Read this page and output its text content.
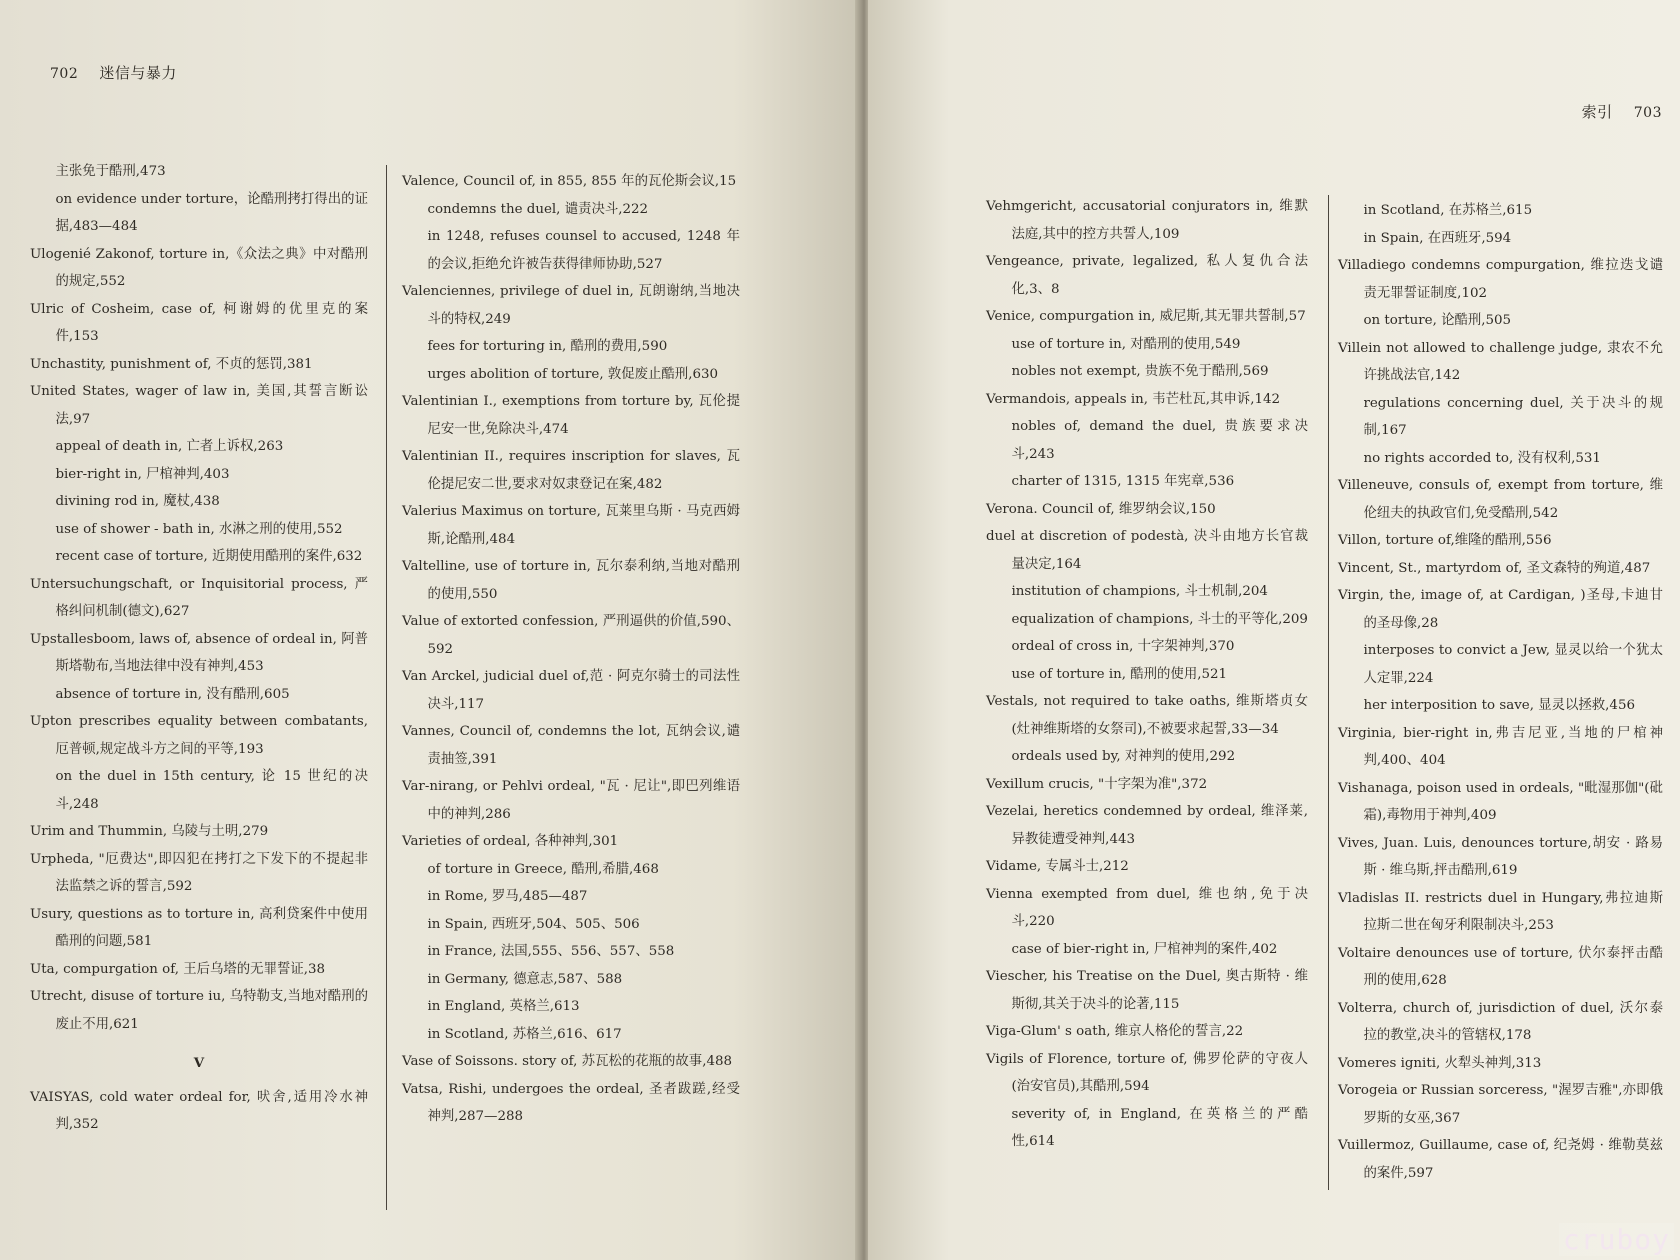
702 迷信与暴力

主张免于酷刑,473

on evidence under torture，论酷刑拷打得出的证据,483—484

Ulogenié Zakonof, torture in,《众法之典》中对酷刑的规定,552

Ulric of Cosheim, case of, 柯谢姆的优里克的案件,153

Unchastity, punishment of, 不贞的惩罚,381

United States, wager of law in, 美国,其誓言断讼法,97

appeal of death in, 亡者上诉权,263

bier-right in, 尸棺神判,403

divining rod in, 魔杖,438

use of shower - bath in, 水淋之刑的使用,552

recent case of torture, 近期使用酷刑的案件,632

Untersuchungschaft, or Inquisitorial process, 严格纠问机制(德文),627

Upstallesboom, laws of, absence of ordeal in, 阿普斯塔勒布,当地法律中没有神判,453

absence of torture in, 没有酷刑,605

Upton prescribes equality between combatants, 厄普顿,规定战斗方之间的平等,193

on the duel in 15th century, 论 15 世纪的决斗,248

Urim and Thummin, 乌陵与土明,279

Urpheda, "厄费达",即囚犯在拷打之下发下的不提起非法监禁之诉的誓言,592

Usury, questions as to torture in, 高利贷案件中使用酷刑的问题,581

Uta, compurgation of, 王后乌塔的无罪誓证,38

Utrecht, disuse of torture iu, 乌特勒支,当地对酷刑的废止不用,621

V

VAISYAS, cold water ordeal for, 吠舍,适用冷水神判,352

Valence, Council of, in 855, 855 年的瓦伦斯会议,15

condemns the duel, 谴责决斗,222

in 1248, refuses counsel to accused, 1248 年的会议,拒绝允许被告获得律师协助,527

Valenciennes, privilege of duel in, 瓦朗谢纳,当地决斗的特权,249

fees for torturing in, 酷刑的费用,590

urges abolition of torture, 敦促废止酷刑,630

Valentinian I., exemptions from torture by, 瓦伦提尼安一世,免除决斗,474

Valentinian II., requires inscription for slaves, 瓦伦提尼安二世,要求对奴隶登记在案,482

Valerius Maximus on torture, 瓦莱里乌斯 · 马克西姆斯,论酷刑,484

Valtelline, use of torture in, 瓦尔泰利纳,当地对酷刑的使用,550

Value of extorted confession, 严刑逼供的价值,590、592

Van Arckel, judicial duel of,范 · 阿克尔骑士的司法性决斗,117

Vannes, Council of, condemns the lot, 瓦纳会议,谴责抽签,391

Var-nirang, or Pehlvi ordeal, "瓦 · 尼让",即巴列维语中的神判,286

Varieties of ordeal, 各种神判,301

of torture in Greece, 酷刑,希腊,468

in Rome, 罗马,485—487

in Spain, 西班牙,504、505、506

in France, 法国,555、556、557、558

in Germany, 德意志,587、588

in England, 英格兰,613

in Scotland, 苏格兰,616、617

Vase of Soissons. story of, 苏瓦松的花瓶的故事,488

Vatsa, Rishi, undergoes the ordeal, 圣者跋蹉,经受神判,287—288

索引 703

Vehmgericht, accusatorial conjurators in, 维默法庭,其中的控方共誓人,109

Vengeance, private, legalized, 私人复仇合法化,3、8

Venice, compurgation in, 威尼斯,其无罪共誓制,57

use of torture in, 对酷刑的使用,549

nobles not exempt, 贵族不免于酷刑,569

Vermandois, appeals in, 韦芒杜瓦,其申诉,142

nobles of, demand the duel, 贵族要求决斗,243

charter of 1315, 1315 年宪章,536

Verona. Council of, 维罗纳会议,150

duel at discretion of podestà, 决斗由地方长官裁量决定,164

institution of champions, 斗士机制,204

equalization of champions, 斗士的平等化,209

ordeal of cross in, 十字架神判,370

use of torture in, 酷刑的使用,521

Vestals, not required to take oaths, 维斯塔贞女(灶神维斯塔的女祭司),不被要求起誓,33—34

ordeals used by, 对神判的使用,292

Vexillum crucis, "十字架为准",372

Vezelai, heretics condemned by ordeal, 维泽莱,异教徒遭受神判,443

Vidame, 专属斗士,212

Vienna exempted from duel, 维也纳,免于决斗,220

case of bier-right in, 尸棺神判的案件,402

Viescher, his Treatise on the Duel, 奥古斯特 · 维斯彻,其关于决斗的论著,115

Viga-Glum' s oath, 维京人格伦的誓言,22

Vigils of Florence, torture of, 佛罗伦萨的守夜人(治安官员),其酷刑,594

severity of, in England, 在英格兰的严酷性,614

in Scotland, 在苏格兰,615

in Spain, 在西班牙,594

Villadiego condemns compurgation, 维拉迭戈谴责无罪誓证制度,102

on torture, 论酷刑,505

Villein not allowed to challenge judge, 隶农不允许挑战法官,142

regulations concerning duel, 关于决斗的规制,167

no rights accorded to, 没有权利,531

Villeneuve, consuls of, exempt from torture, 维伦纽夫的执政官们,免受酷刑,542

Villon, torture of,维隆的酷刑,556

Vincent, St., martyrdom of, 圣文森特的殉道,487

Virgin, the, image of, at Cardigan, )圣母,卡迪甘的圣母像,28

interposes to convict a Jew, 显灵以给一个犹太人定罪,224

her interposition to save, 显灵以拯救,456

Virginia, bier-right in,弗吉尼亚,当地的尸棺神判,400、404

Vishanaga, poison used in ordeals, "毗湿那伽"(砒霜),毒物用于神判,409

Vives, Juan. Luis, denounces torture,胡安 · 路易斯 · 维乌斯,抨击酷刑,619

Vladislas II. restricts duel in Hungary,弗拉迪斯拉斯二世在匈牙利限制决斗,253

Voltaire denounces use of torture, 伏尔泰抨击酷刑的使用,628

Volterra, church of, jurisdiction of duel, 沃尔泰拉的教堂,决斗的管辖权,178

Vomeres igniti, 火犁头神判,313

Vorogeia or Russian sorceress, "渥罗吉雅",亦即俄罗斯的女巫,367

Vuillermoz, Guillaume, case of, 纪尧姆 · 维勒莫兹的案件,597

cruboy
